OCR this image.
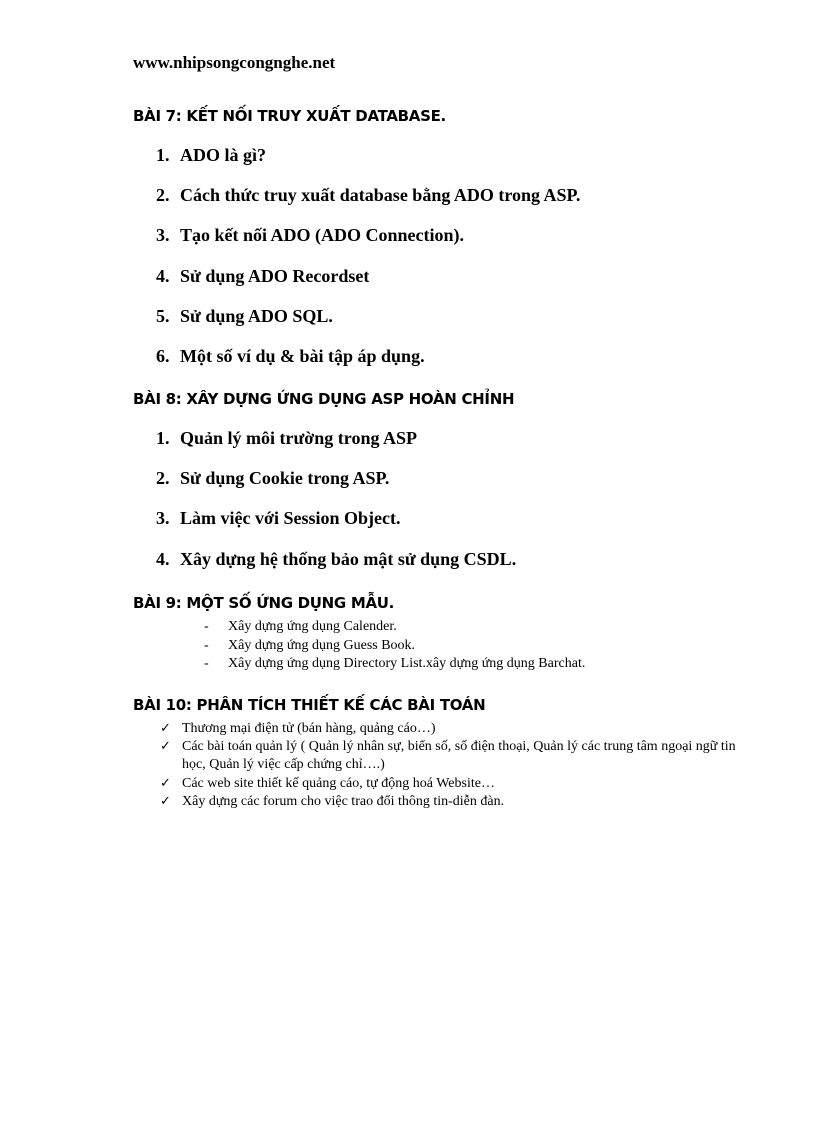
www.nhipsongcongnghe.net
BÀI 7: KẾT NỐI TRUY XUẤT DATABASE.
1. ADO là gì?
2. Cách thức truy xuất database bằng ADO trong ASP.
3. Tạo kết nối ADO (ADO Connection).
4. Sử dụng ADO Recordset
5. Sử dụng ADO SQL.
6. Một số ví dụ & bài tập áp dụng.
BÀI 8: XÂY DỰNG ỨNG DỤNG ASP HOÀN CHỈNH
1. Quản lý môi trường trong ASP
2. Sử dụng Cookie trong ASP.
3. Làm việc với Session Object.
4. Xây dựng hệ thống bảo mật sử dụng CSDL.
BÀI 9: MỘT SỐ ỨNG DỤNG MẪU.
- Xây dựng ứng dụng Calender.
- Xây dựng ứng dụng Guess Book.
- Xây dựng ứng dụng Directory List.xây dựng ứng dụng Barchat.
BÀI 10: PHÂN TÍCH THIẾT KẾ CÁC BÀI TOÁN
✓ Thương mại điện tử (bán hàng, quảng cáo…)
✓ Các bài toán quản lý ( Quản lý nhân sự, biển số, số điện thoại, Quản lý các trung tâm ngoại ngữ tin học, Quản lý việc cấp chứng chỉ….)
✓ Các web site thiết kế quảng cáo, tự động hoá Website…
✓ Xây dựng các forum cho việc trao đổi thông tin-diễn đàn.
